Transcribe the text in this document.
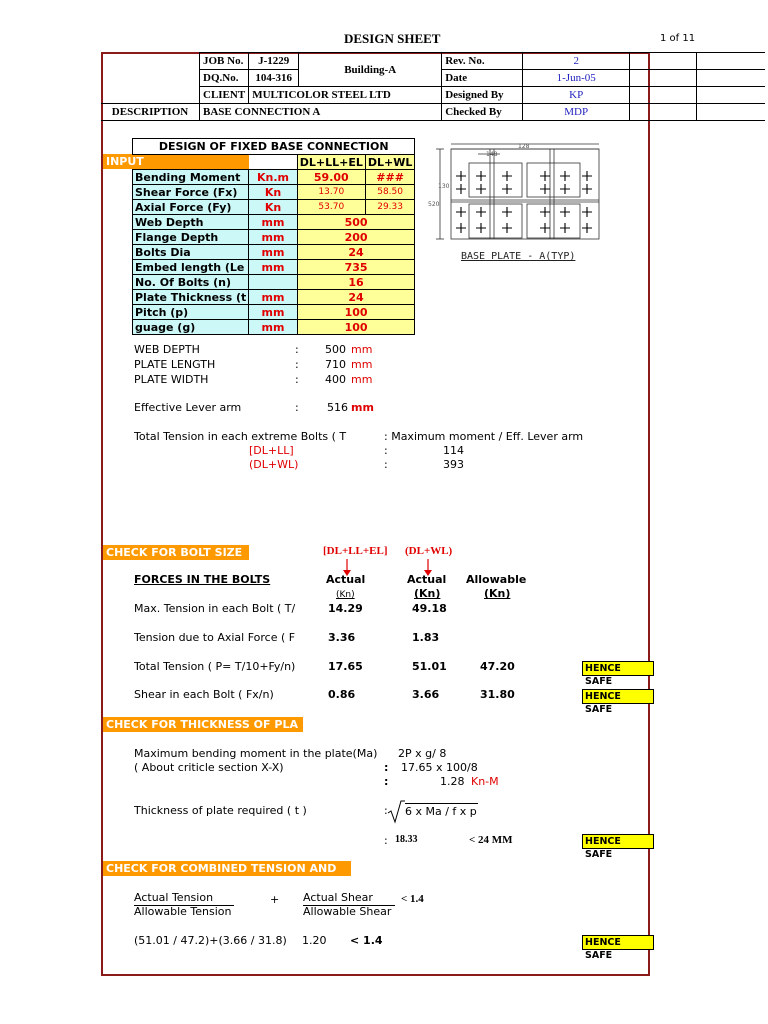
DESIGN SHEET	1 of 11
	JOB No.	J-1229	Building-A	Rev. No.	2		
	DQ.No.	104-316		Date	1-Jun-05		
	CLIENT	MULTICOLOR STEEL LTD		Designed By	KP		
DESCRIPTION	BASE CONNECTION A			Checked By	MDP		
INPUT
DESIGN OF FIXED BASE CONNECTION			
		DL+LL+EL	DL+WL
Bending Moment	Kn.m	59.00	###
Shear Force (Fx)	Kn	13.70	58.50
Axial Force (Fy)	Kn	53.70	29.33
Web Depth	mm	500	
Flange Depth	mm	200	
Bolts Dia	mm	24	
Embed length (Le	mm	735	
No. Of Bolts (n)		16	
Plate Thickness (t	mm	24	
Pitch (p)	mm	100	
guage (g)	mm	100	
128
148
130
520
BASE PLATE - A(TYP)
WEB DEPTH	: 500 mm
PLATE LENGTH	: 710 mm
PLATE WIDTH	: 400 mm
Effective Lever arm	:	516 mm
Total Tension in each extreme Bolts ( T	: Maximum moment / Eff. Lever arm
[DL+LL]	:	114
(DL+WL)	:	393
CHECK FOR BOLT SIZE	[DL+LL+EL] (DL+WL)
FORCES IN THE BOLTS	Actual	Actual Allowable
(Kn)	(Kn)	(Kn)
Max. Tension in each Bolt ( T/	14.29	49.18
Tension due to Axial Force ( F	3.36	1.83
Total Tension ( P= T/10+Fy/n)	17.65	51.01	47.20	HENCE SAFE
Shear in each Bolt ( Fx/n)	0.86	3.66	31.80	HENCE SAFE
CHECK FOR THICKNESS OF PLA
Maximum bending moment in the plate(Ma) 2P x g/ 8
( About criticle section X-X)	: 17.65 x 100/8
:	1.28 Kn-M
Thickness of plate required ( t )	: 6 x Ma / f x p
: 18.33	< 24 MM	HENCE SAFE
CHECK FOR COMBINED TENSION AND
Actual Tension
Allowable Tension
+ Actual Shear
Allowable Shear
< 1.4
(51.01 / 47.2)+(3.66 / 31.8) 1.20 < 1.4	HENCE SAFE
